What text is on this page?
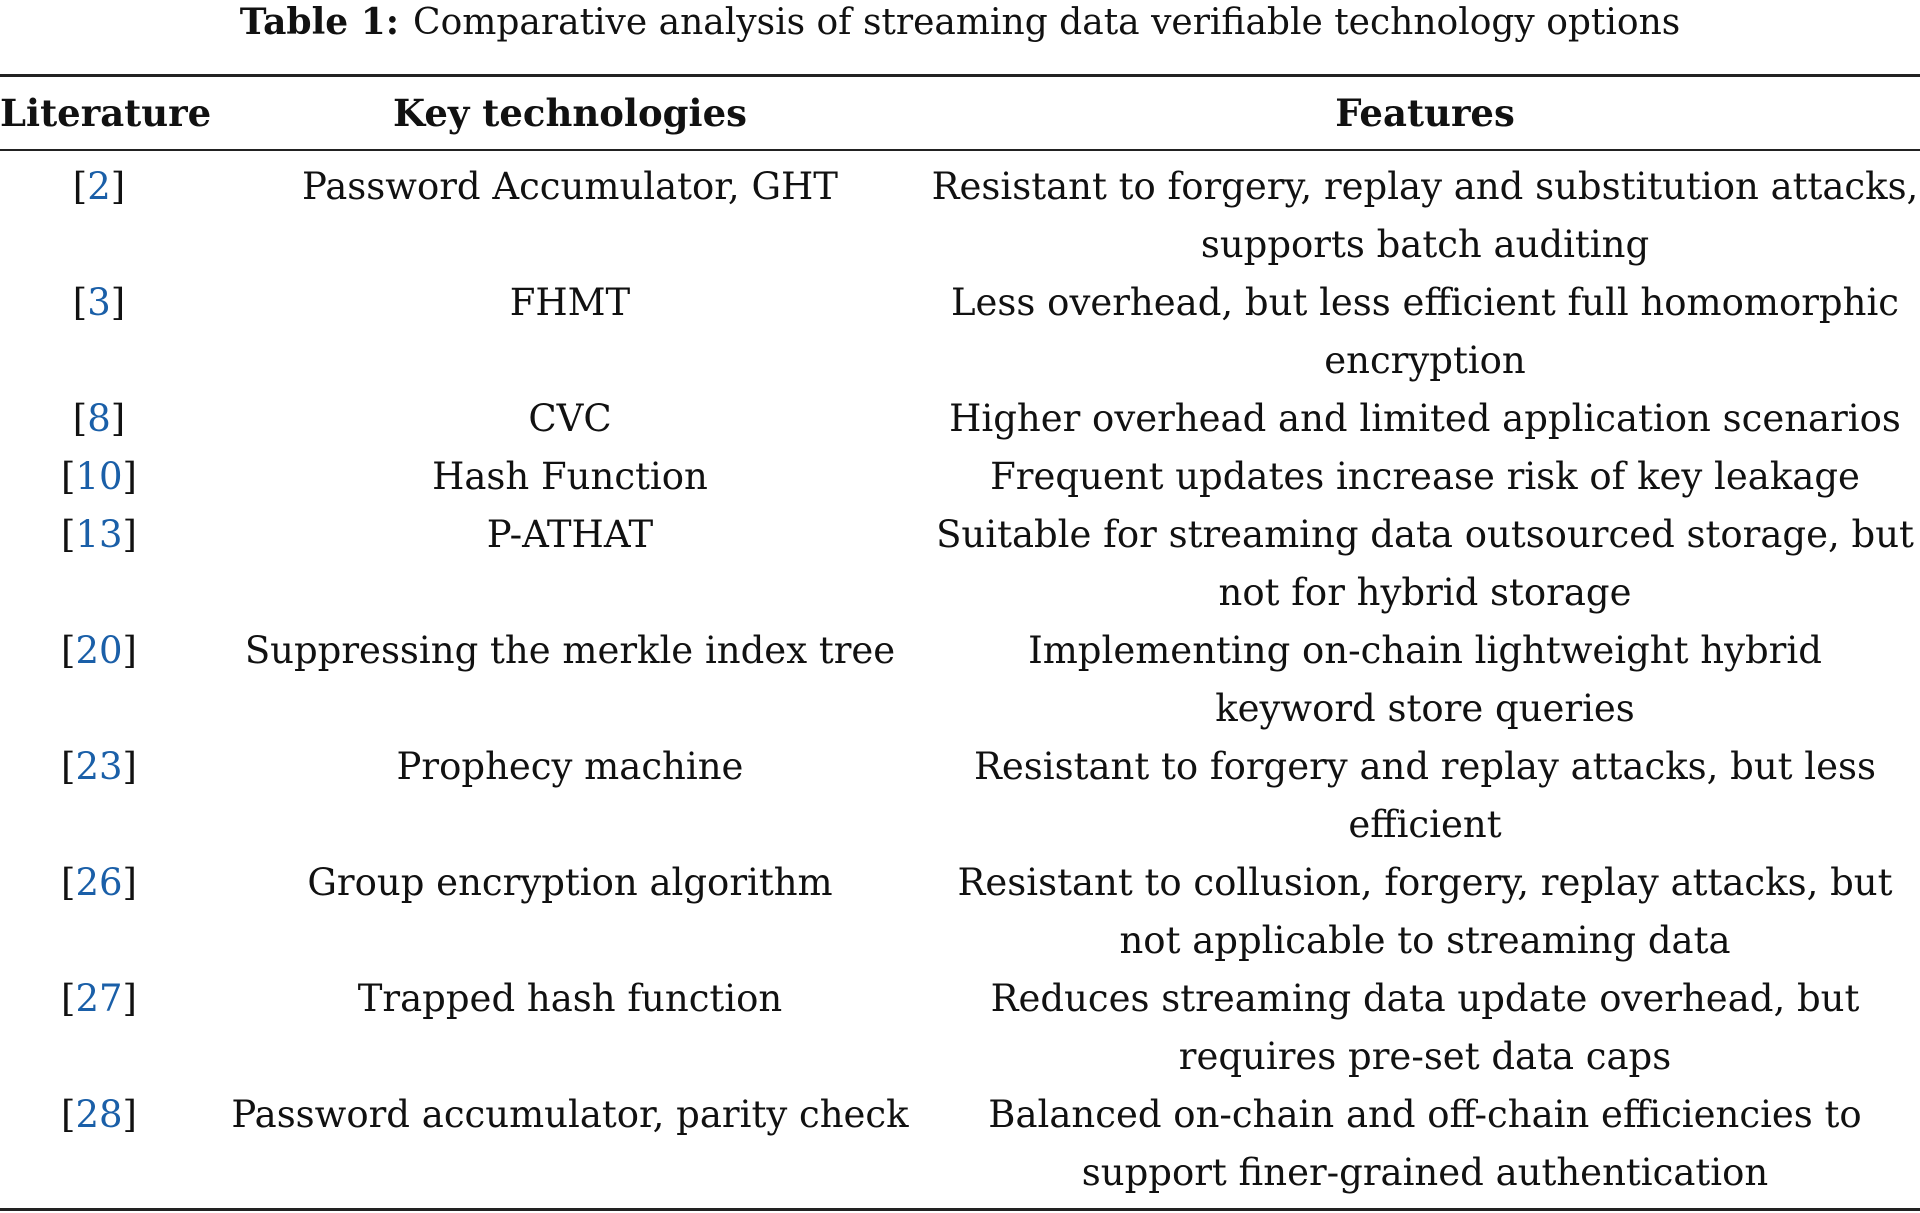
Table 1: Comparative analysis of streaming data verifiable technology options
Literature	Key technologies	Features
[2]	Password Accumulator, GHT	Resistant to forgery, replay and substitution attacks,
supports batch auditing
[3]	FHMT	Less overhead, but less efficient full homomorphic
encryption
[8]	CVC	Higher overhead and limited application scenarios
[10]	Hash Function	Frequent updates increase risk of key leakage
[13]	P-ATHAT	Suitable for streaming data outsourced storage, but
not for hybrid storage
[20]	Suppressing the merkle index tree	Implementing on-chain lightweight hybrid
keyword store queries
[23]	Prophecy machine	Resistant to forgery and replay attacks, but less
efficient
[26]	Group encryption algorithm	Resistant to collusion, forgery, replay attacks, but
not applicable to streaming data
[27]	Trapped hash function	Reduces streaming data update overhead, but
requires pre-set data caps
[28]	Password accumulator, parity check	Balanced on-chain and off-chain efficiencies to
support finer-grained authentication
